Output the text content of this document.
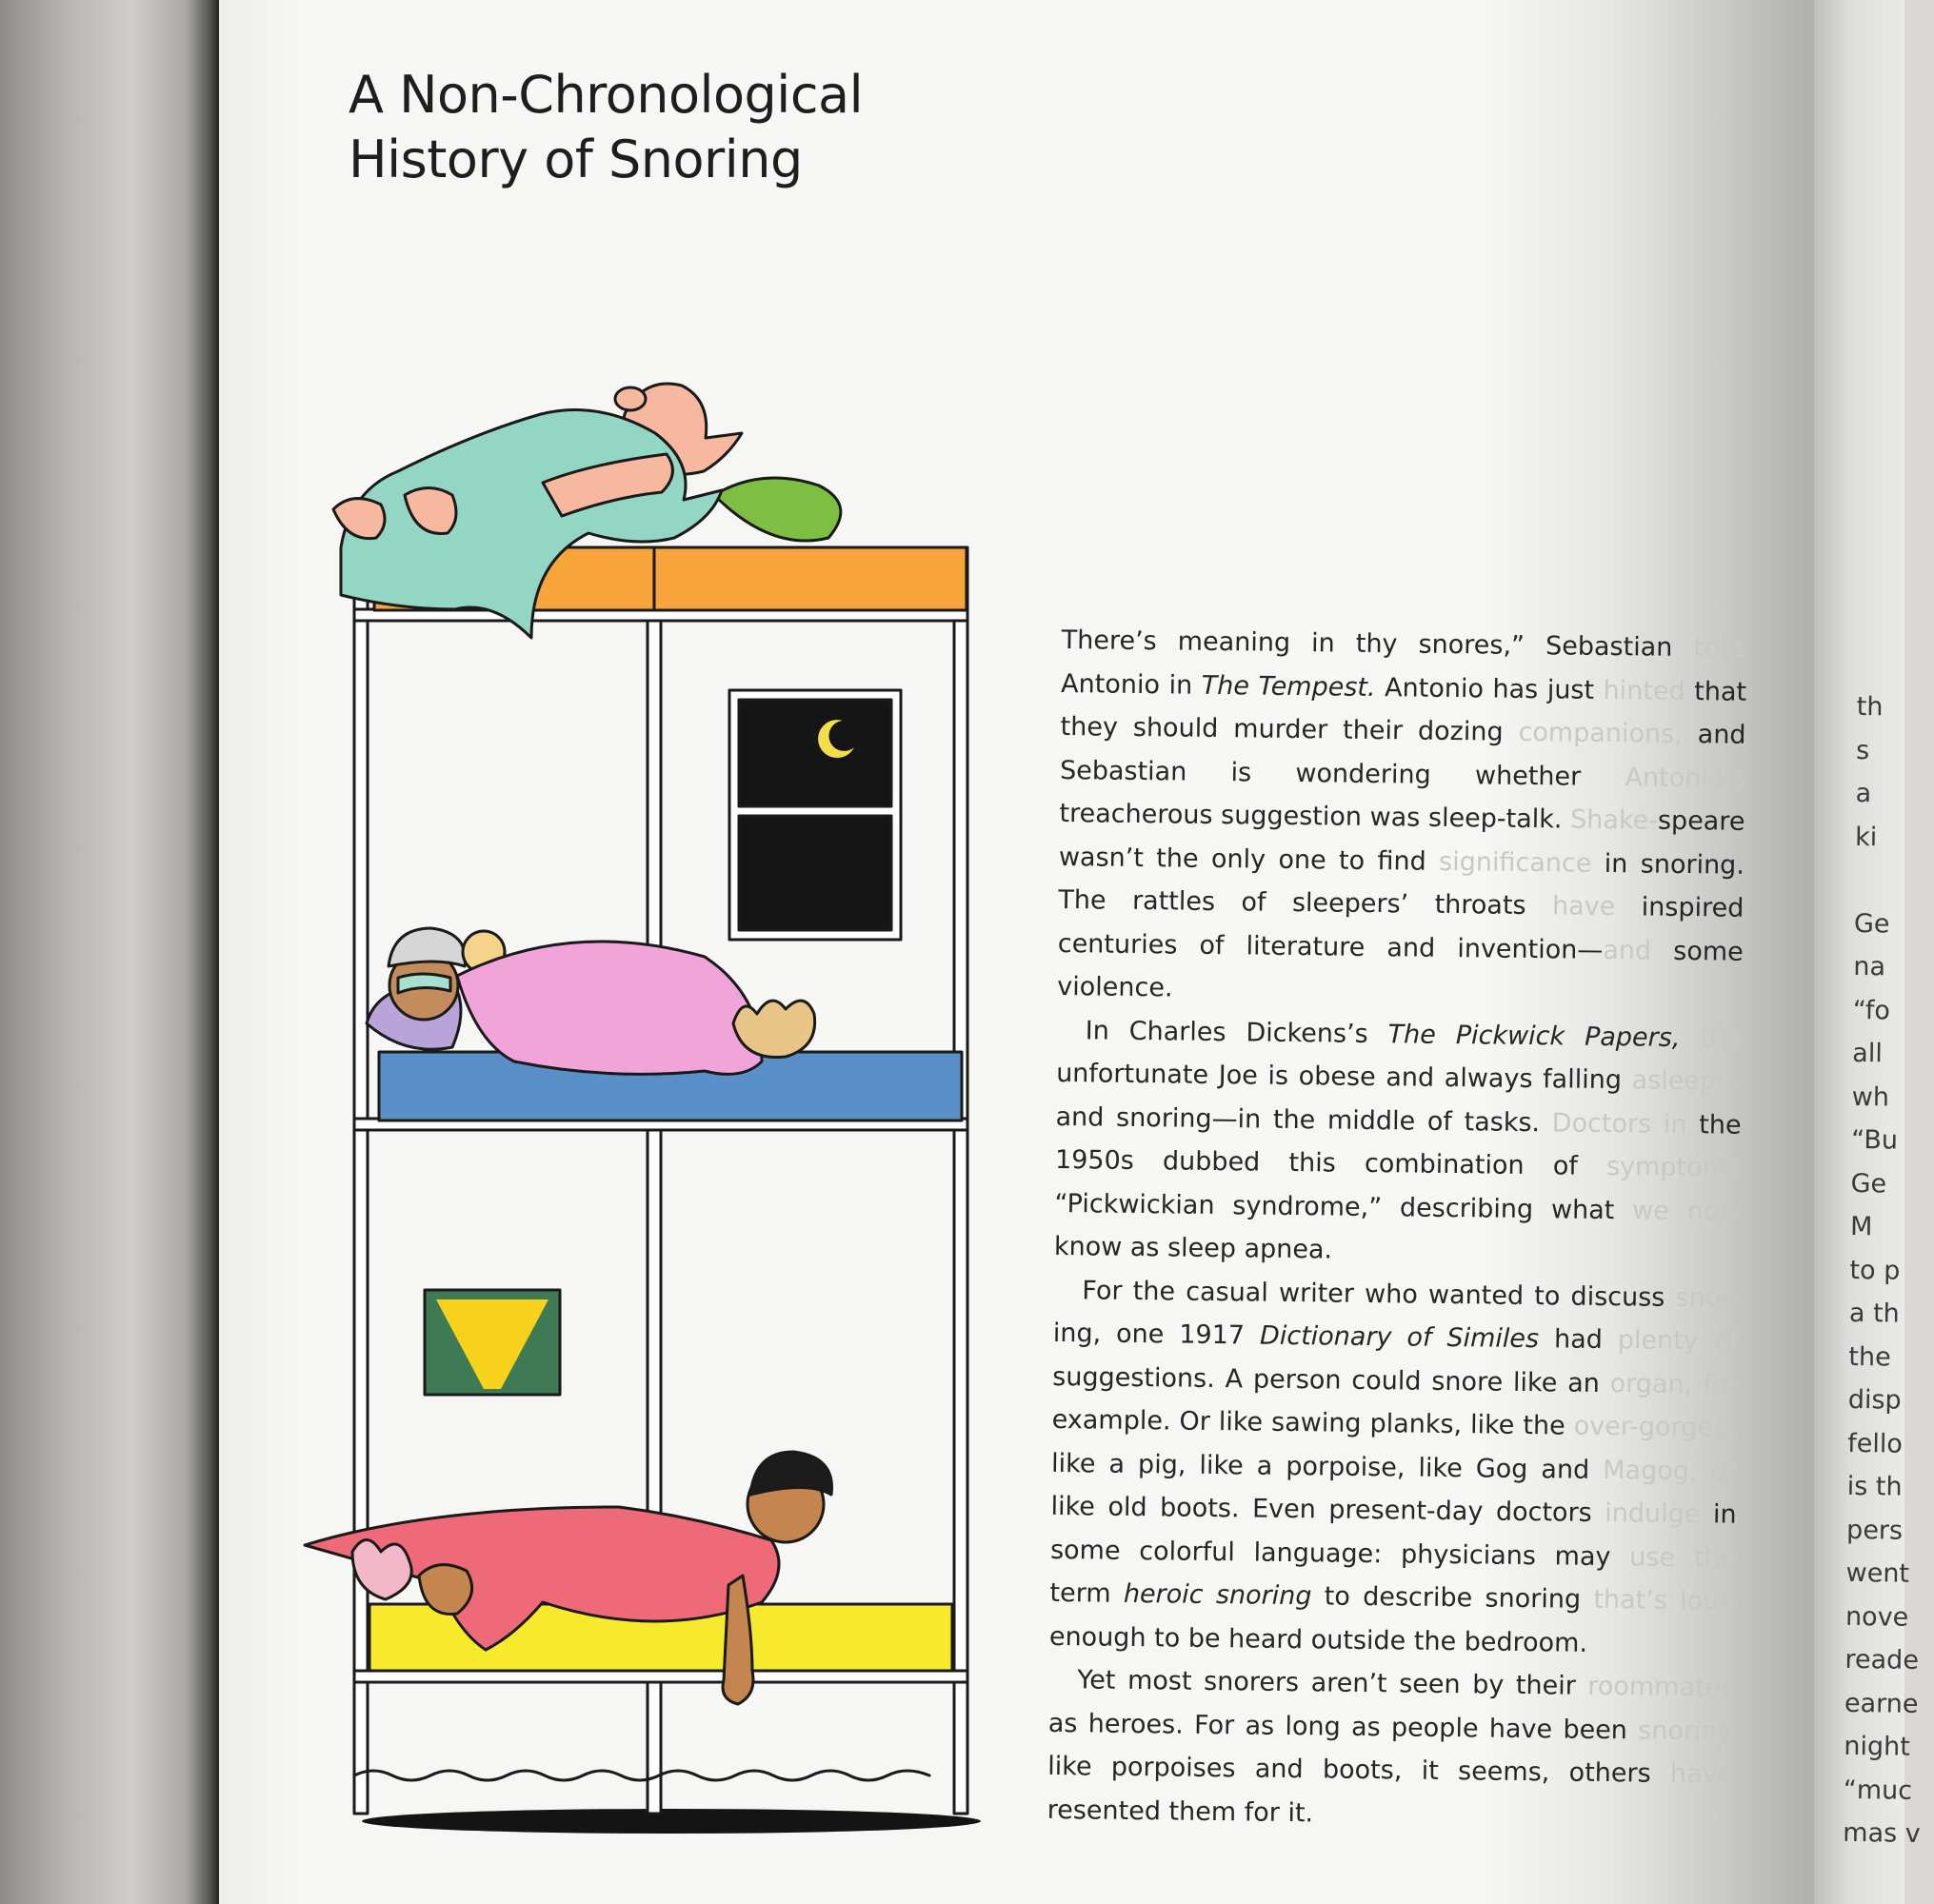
A Non-Chronological
History of Snoring

There’s meaning in thy snores,” Sebastian tells Antonio in The Tempest. Antonio has just hinted that they should murder their dozing companions, and Sebastian is wondering whether Antonio’s treacherous suggestion was sleep-talk. Shake-speare wasn’t the only one to find significance in snoring. The rattles of sleepers’ throats have inspired centuries of literature and invention—and some violence.

In Charles Dickens’s The Pickwick Papers, the unfortunate Joe is obese and always falling asleep—and snoring—in the middle of tasks. Doctors in the 1950s dubbed this combination of symptoms “Pickwickian syndrome,” describing what we now know as sleep apnea.

For the casual writer who wanted to discuss snor-ing, one 1917 Dictionary of Similes had plenty of suggestions. A person could snore like an organ, for example. Or like sawing planks, like the over-gorged, like a pig, like a porpoise, like Gog and Magog, or like old boots. Even present-day doctors indulge in some colorful language: physicians may use the term heroic snoring to describe snoring that’s loud enough to be heard outside the bedroom.

Yet most snorers aren’t seen by their roommates as heroes. For as long as people have been snoring like porpoises and boots, it seems, others have resented them for it.

th
s
a
ki
Ge
na
“fo
all
wh
“Bu
Ge
M
to p
a th
the
disp
fello
is th
pers
went
nove
reade
earne
night
“muc
mas v
